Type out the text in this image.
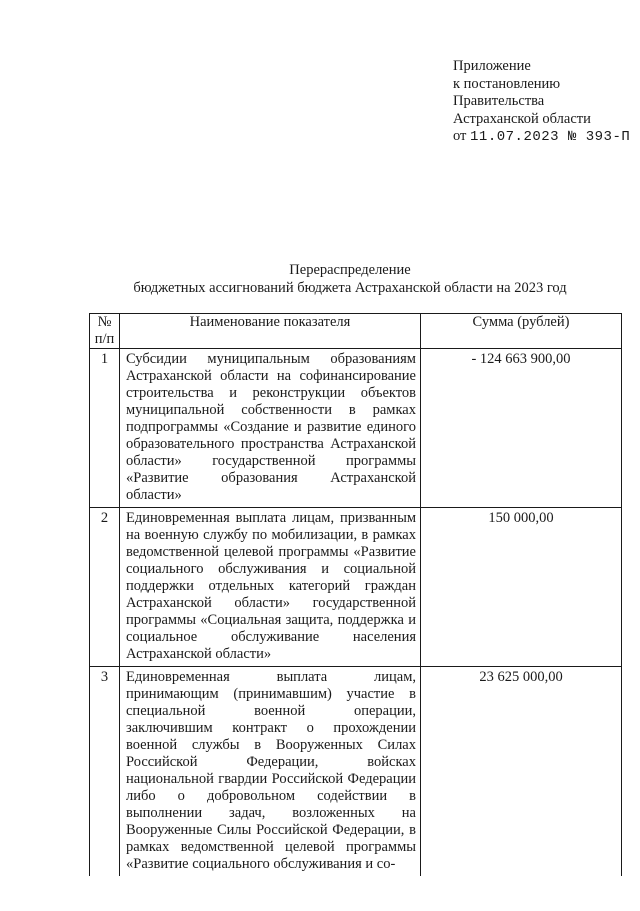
Приложение
к постановлению
Правительства
Астраханской области
от 11.07.2023 № 393-П
Перераспределение
бюджетных ассигнований бюджета Астраханской области на 2023 год
№
п/п	Наименование показателя	Сумма (рублей)
1	Субсидии муниципальным образованиям Астраханской области на софинансирование строительства и реконструкции объектов муниципальной собственности в рамках подпрограммы «Создание и развитие единого образовательного пространства Астраханской области» государственной программы «Развитие образования Астраханской области»	- 124 663 900,00
2	Единовременная выплата лицам, призванным на военную службу по мобилизации, в рамках ведомственной целевой программы «Развитие социального обслуживания и социальной поддержки отдельных категорий граждан Астраханской области» государственной программы «Социальная защита, поддержка и социальное обслуживание населения Астраханской области»	150 000,00
3	Единовременная выплата лицам, принимающим (принимавшим) участие в специальной военной операции, заключившим контракт о прохождении военной службы в Вооруженных Силах Российской Федерации, войсках национальной гвардии Российской Федерации либо о добровольном содействии в выполнении задач, возложенных на Вооруженные Силы Российской Федерации, в рамках ведомственной целевой программы «Развитие социального обслуживания и со-	23 625 000,00
